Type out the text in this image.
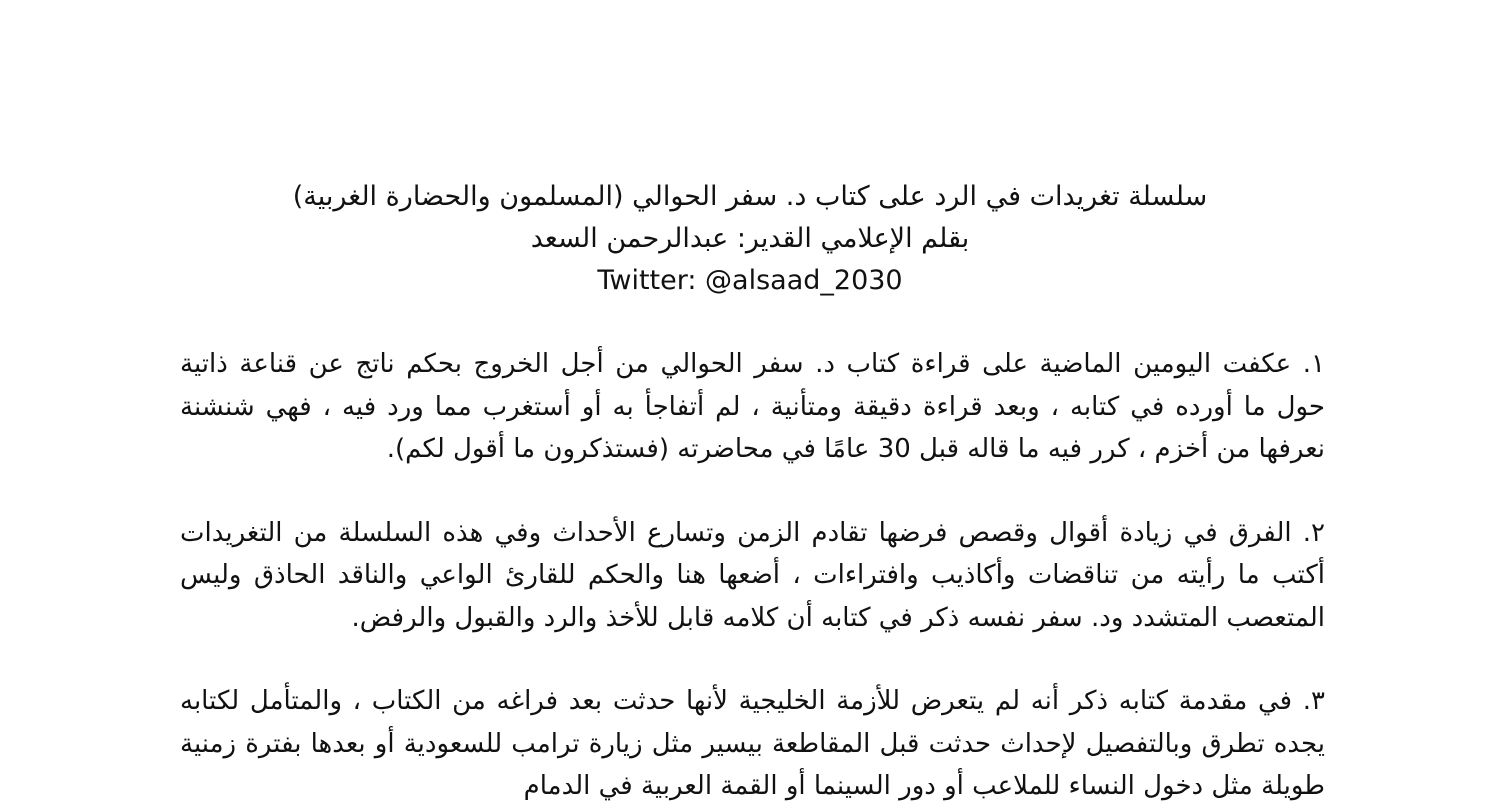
سلسلة تغريدات في الرد على كتاب د. سفر الحوالي (المسلمون والحضارة الغربية)
بقلم الإعلامي القدير: عبدالرحمن السعد
Twitter: @alsaad_2030

١. عكفت اليومين الماضية على قراءة كتاب د. سفر الحوالي من أجل الخروج بحكم ناتج عن قناعة ذاتية حول ما أورده في كتابه ، وبعد قراءة دقيقة ومتأنية ، لم أتفاجأ به أو أستغرب مما ورد فيه ، فهي شنشنة نعرفها من أخزم ، كرر فيه ما قاله قبل 30 عامًا في محاضرته (فستذكرون ما أقول لكم).

٢. الفرق في زيادة أقوال وقصص فرضها تقادم الزمن وتسارع الأحداث وفي هذه السلسلة من التغريدات أكتب ما رأيته من تناقضات وأكاذيب وافتراءات ، أضعها هنا والحكم للقارئ الواعي والناقد الحاذق وليس المتعصب المتشدد ود. سفر نفسه ذكر في كتابه أن كلامه قابل للأخذ والرد والقبول والرفض.

٣. في مقدمة كتابه ذكر أنه لم يتعرض للأزمة الخليجية لأنها حدثت بعد فراغه من الكتاب ، والمتأمل لكتابه يجده تطرق وبالتفصيل لإحداث حدثت قبل المقاطعة بيسير مثل زيارة ترامب للسعودية أو بعدها بفترة زمنية طويلة مثل دخول النساء للملاعب أو دور السينما أو القمة العربية في الدمام
